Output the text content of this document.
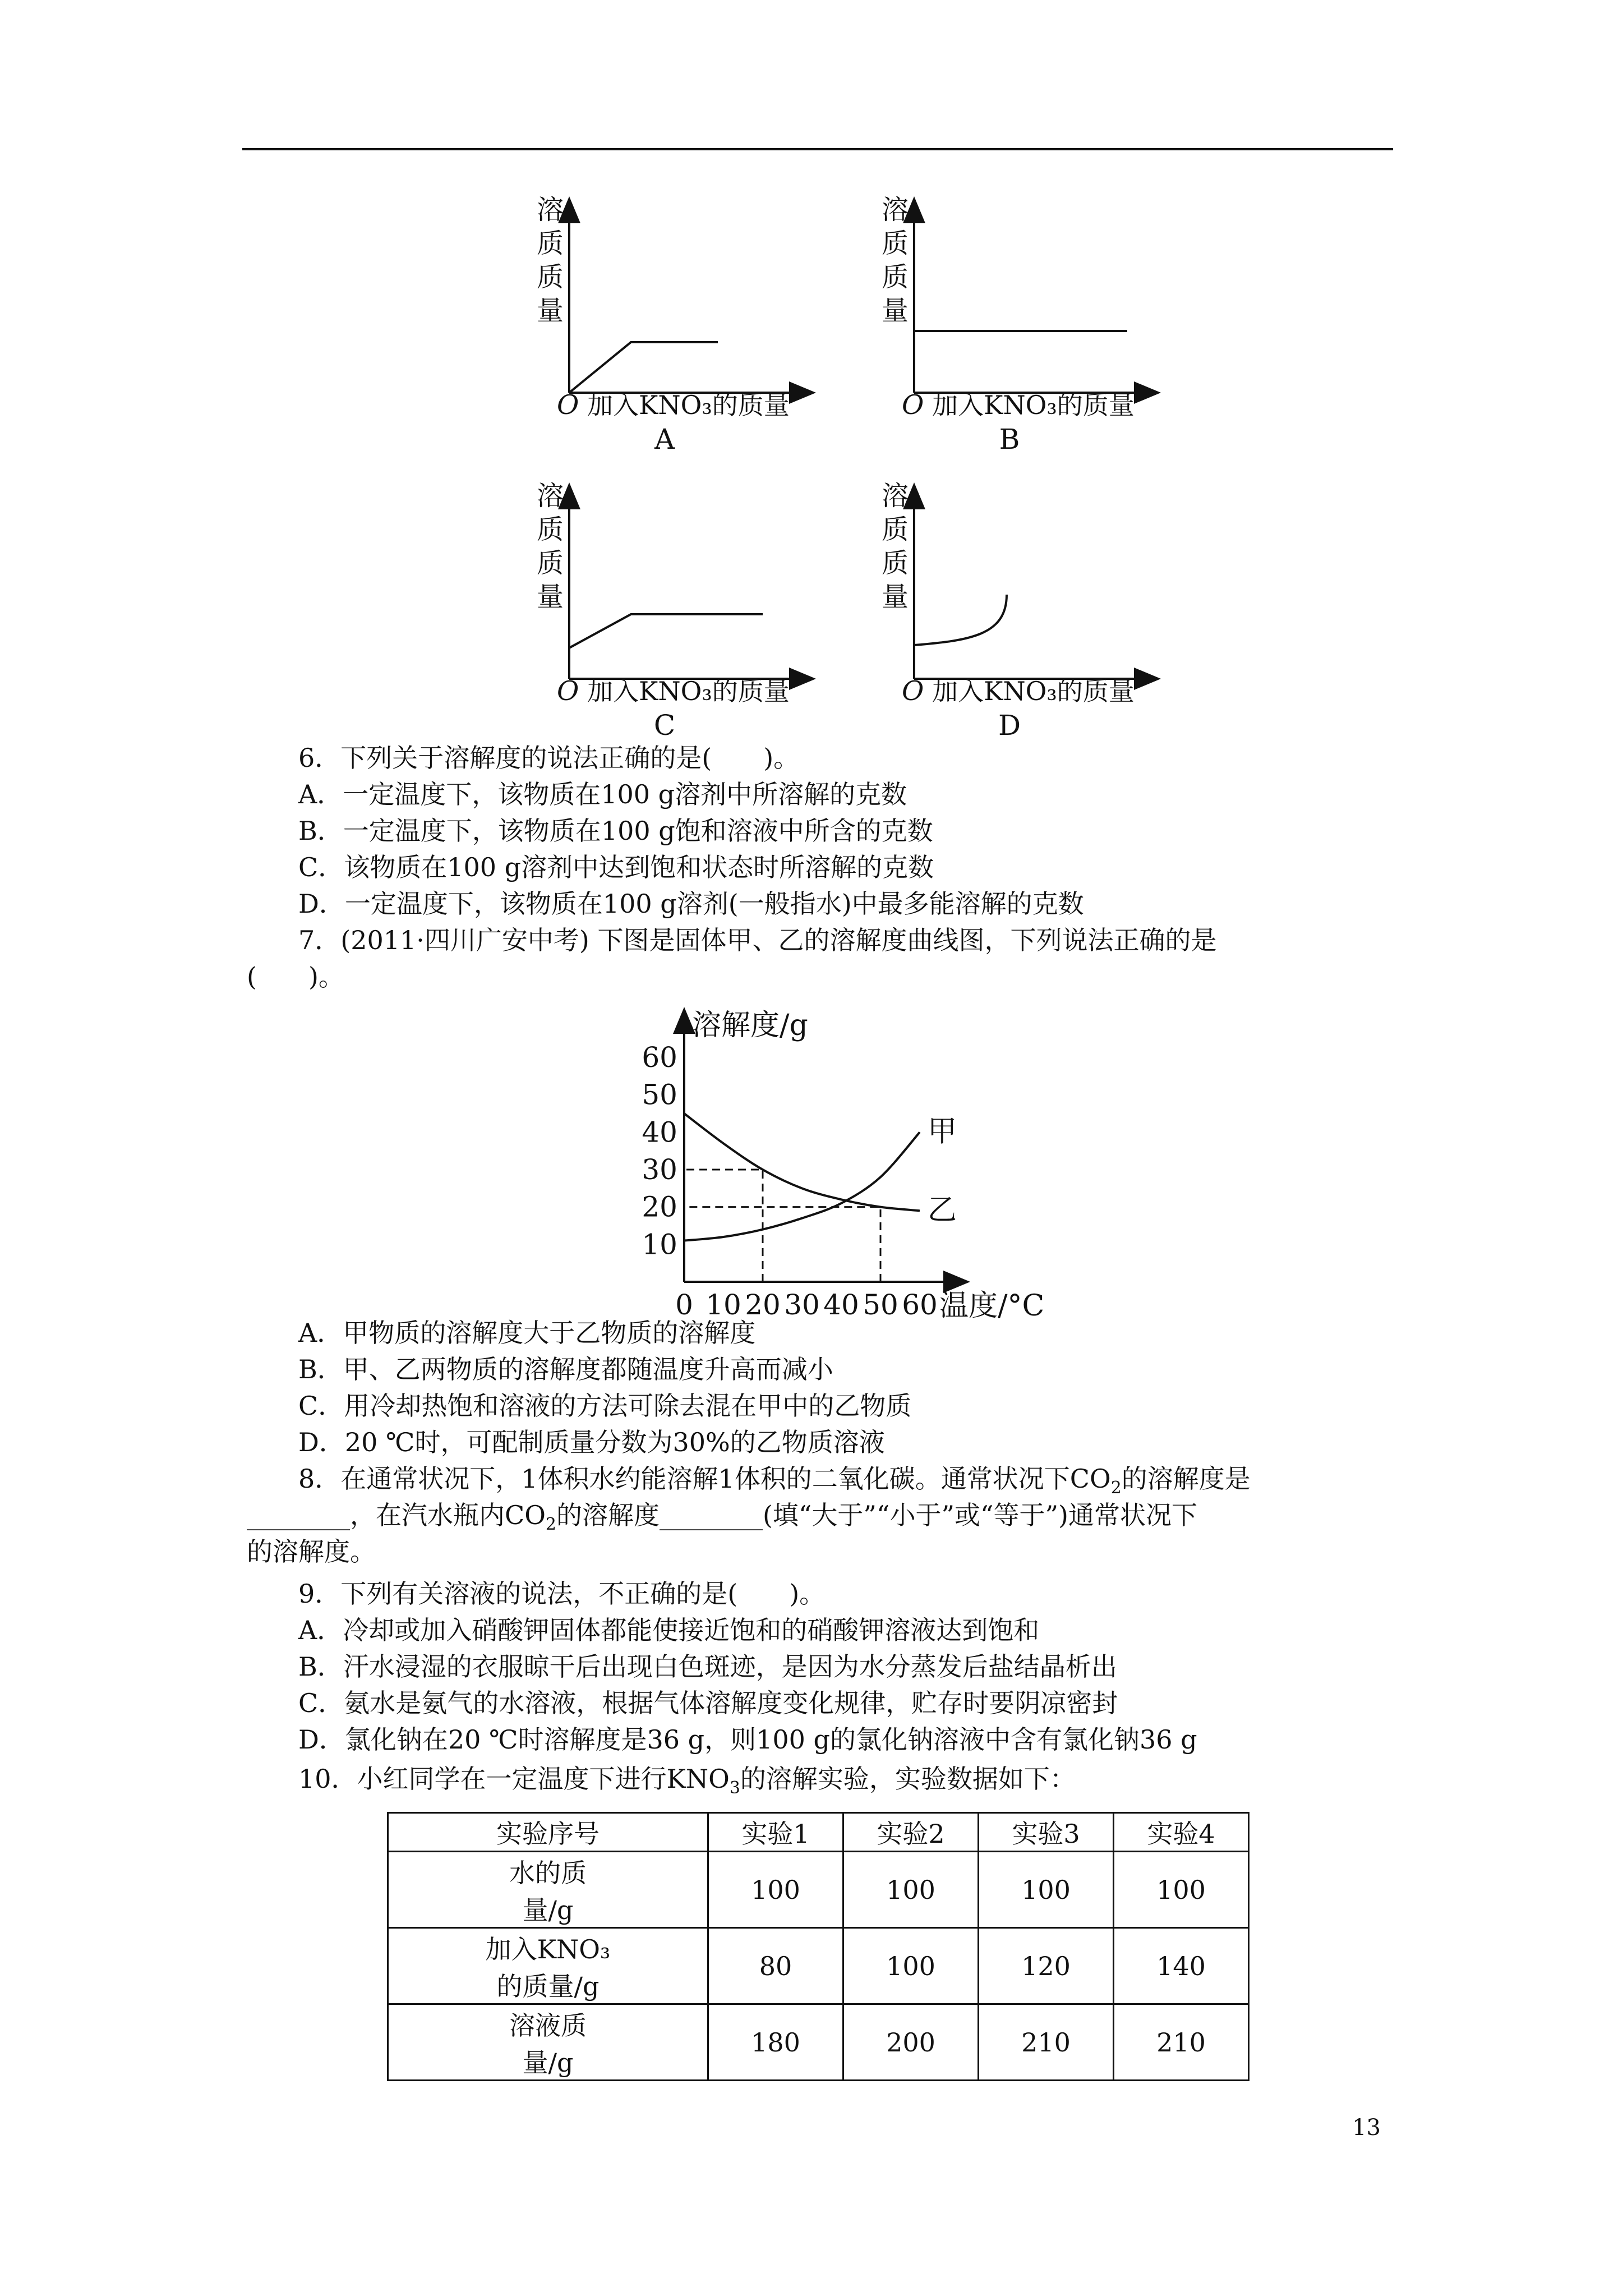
溶质质量
O 加入KNO₃的质量
A
溶质质量
O 加入KNO₃的质量
B
溶质质量
O 加入KNO₃的质量
C
溶质质量
O 加入KNO₃的质量
D
6．下列关于溶解度的说法正确的是(　　)。
A．一定温度下，该物质在100 g溶剂中所溶解的克数
B．一定温度下，该物质在100 g饱和溶液中所含的克数
C．该物质在100 g溶剂中达到饱和状态时所溶解的克数
D．一定温度下，该物质在100 g溶剂(一般指水)中最多能溶解的克数
7．(2011·四川广安中考) 下图是固体甲、乙的溶解度曲线图，下列说法正确的是
(　　)。
溶解度/g
温度/°C
10
20
30
40
50
60
0 10 20 30 40 50 60
甲
乙
A．甲物质的溶解度大于乙物质的溶解度
B．甲、乙两物质的溶解度都随温度升高而减小
C．用冷却热饱和溶液的方法可除去混在甲中的乙物质
D．20 ℃时，可配制质量分数为30%的乙物质溶液
8．在通常状况下，1体积水约能溶解1体积的二氧化碳。通常状况下$CO_2$的溶解度是
________，在汽水瓶内$CO_2$的溶解度________(填“大于”“小于”或“等于”)通常状况下
的溶解度。
9．下列有关溶液的说法，不正确的是(　　)。
A．冷却或加入硝酸钾固体都能使接近饱和的硝酸钾溶液达到饱和
B．汗水浸湿的衣服晾干后出现白色斑迹，是因为水分蒸发后盐结晶析出
C．氨水是氨气的水溶液，根据气体溶解度变化规律，贮存时要阴凉密封
D．氯化钠在20 ℃时溶解度是36 g，则100 g的氯化钠溶液中含有氯化钠36 g
10．小红同学在一定温度下进行$KNO_3$的溶解实验，实验数据如下：
实验序号	实验1	实验2	实验3	实验4
水的质
量/g	100	100	100	100
加入KNO₃
的质量/g	80	100	120	140
溶液质
量/g	180	200	210	210
13
